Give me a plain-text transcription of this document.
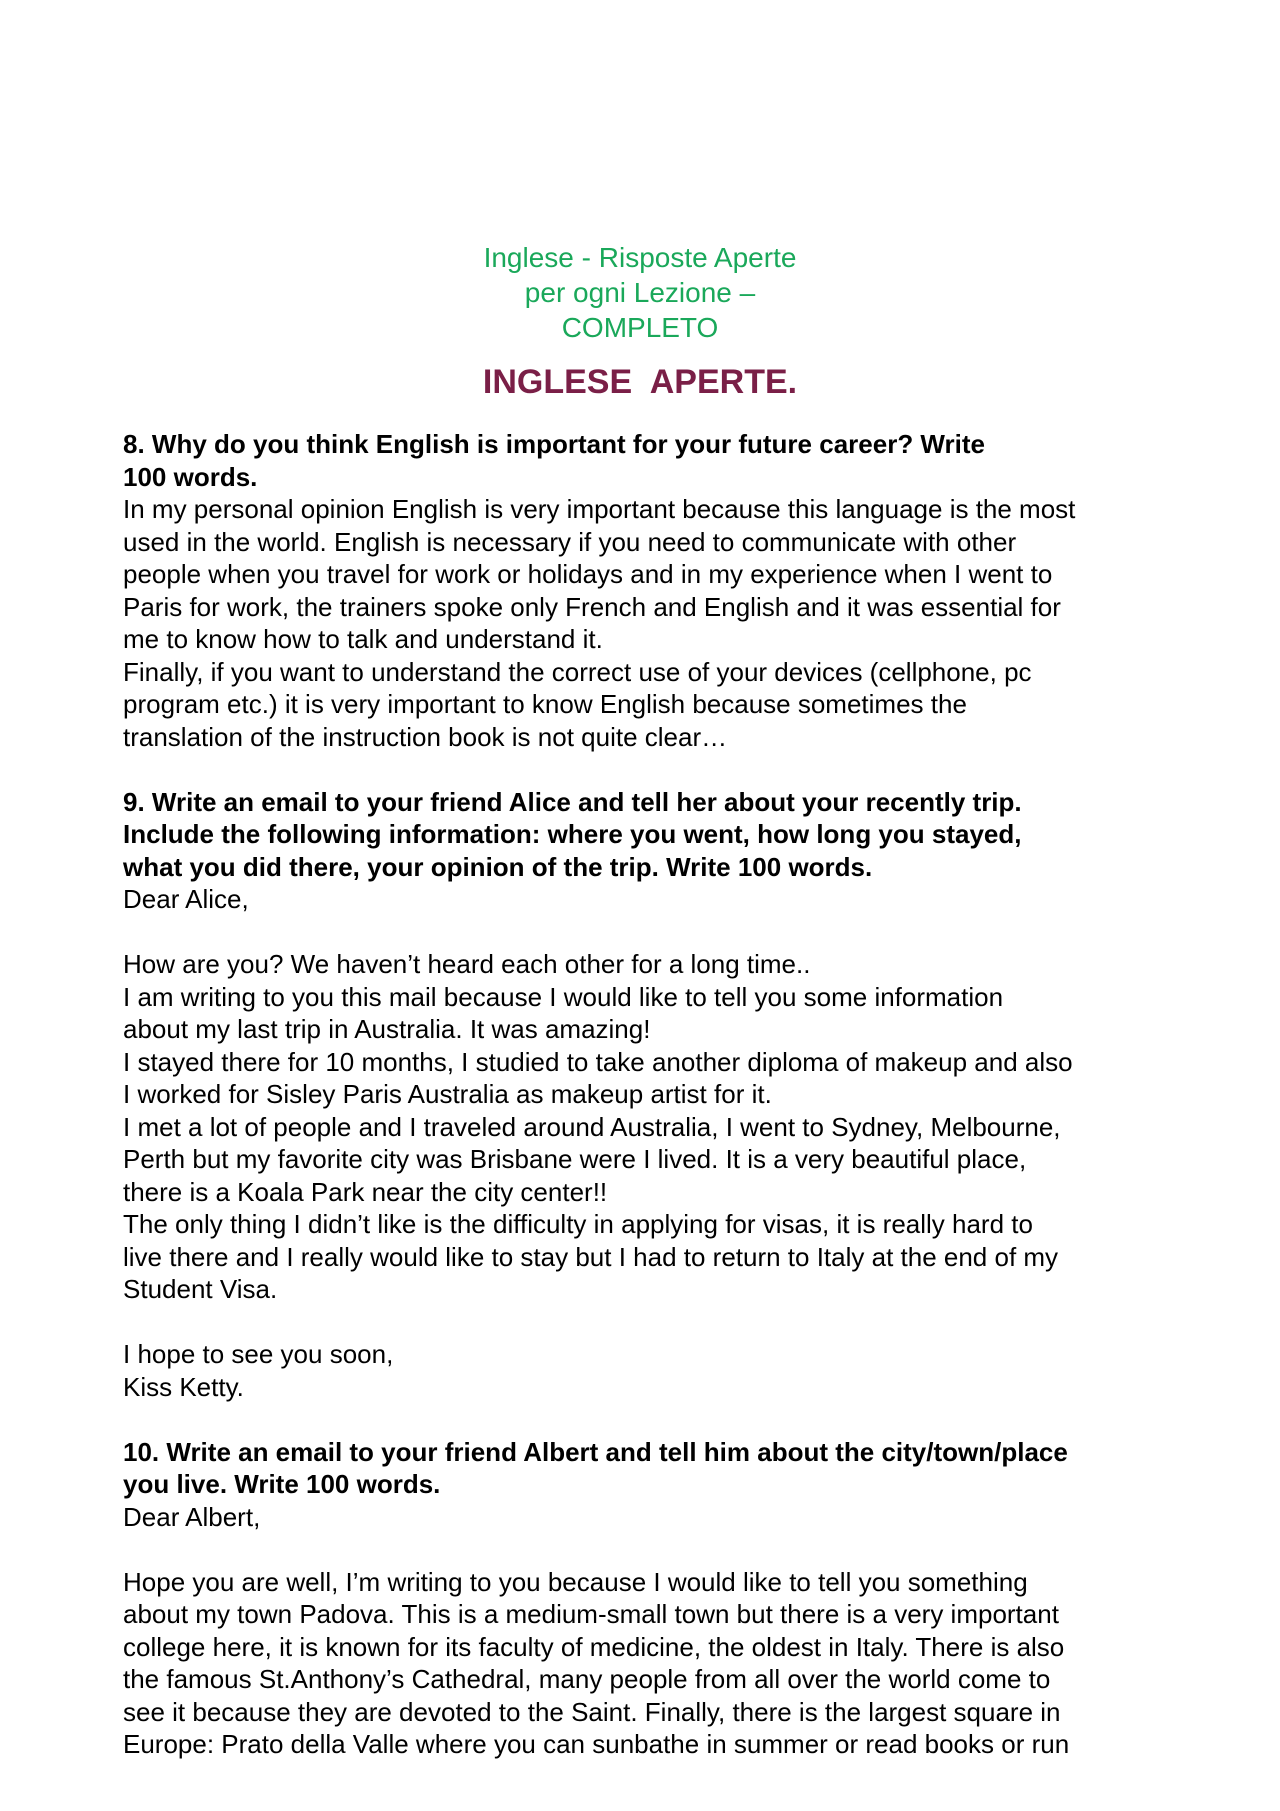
Inglese - Risposte Aperte
per ogni Lezione –
COMPLETO
INGLESE  APERTE.
8. Why do you think English is important for your future career? Write
100 words.
In my personal opinion English is very important because this language is the most
used in the world. English is necessary if you need to communicate with other
people when you travel for work or holidays and in my experience when I went to
Paris for work, the trainers spoke only French and English and it was essential for
me to know how to talk and understand it.
Finally, if you want to understand the correct use of your devices (cellphone, pc
program etc.) it is very important to know English because sometimes the
translation of the instruction book is not quite clear…
9. Write an email to your friend Alice and tell her about your recently trip.
Include the following information: where you went, how long you stayed,
what you did there, your opinion of the trip. Write 100 words.
Dear Alice,
How are you? We haven’t heard each other for a long time..
I am writing to you this mail because I would like to tell you some information
about my last trip in Australia. It was amazing!
I stayed there for 10 months, I studied to take another diploma of makeup and also
I worked for Sisley Paris Australia as makeup artist for it.
I met a lot of people and I traveled around Australia, I went to Sydney, Melbourne,
Perth but my favorite city was Brisbane were I lived. It is a very beautiful place,
there is a Koala Park near the city center!!
The only thing I didn’t like is the difficulty in applying for visas, it is really hard to
live there and I really would like to stay but I had to return to Italy at the end of my
Student Visa.
I hope to see you soon,
Kiss Ketty.
10. Write an email to your friend Albert and tell him about the city/town/place
you live. Write 100 words.
Dear Albert,
Hope you are well, I’m writing to you because I would like to tell you something
about my town Padova. This is a medium-small town but there is a very important
college here, it is known for its faculty of medicine, the oldest in Italy. There is also
the famous St.Anthony’s Cathedral, many people from all over the world come to
see it because they are devoted to the Saint. Finally, there is the largest square in
Europe: Prato della Valle where you can sunbathe in summer or read books or run
